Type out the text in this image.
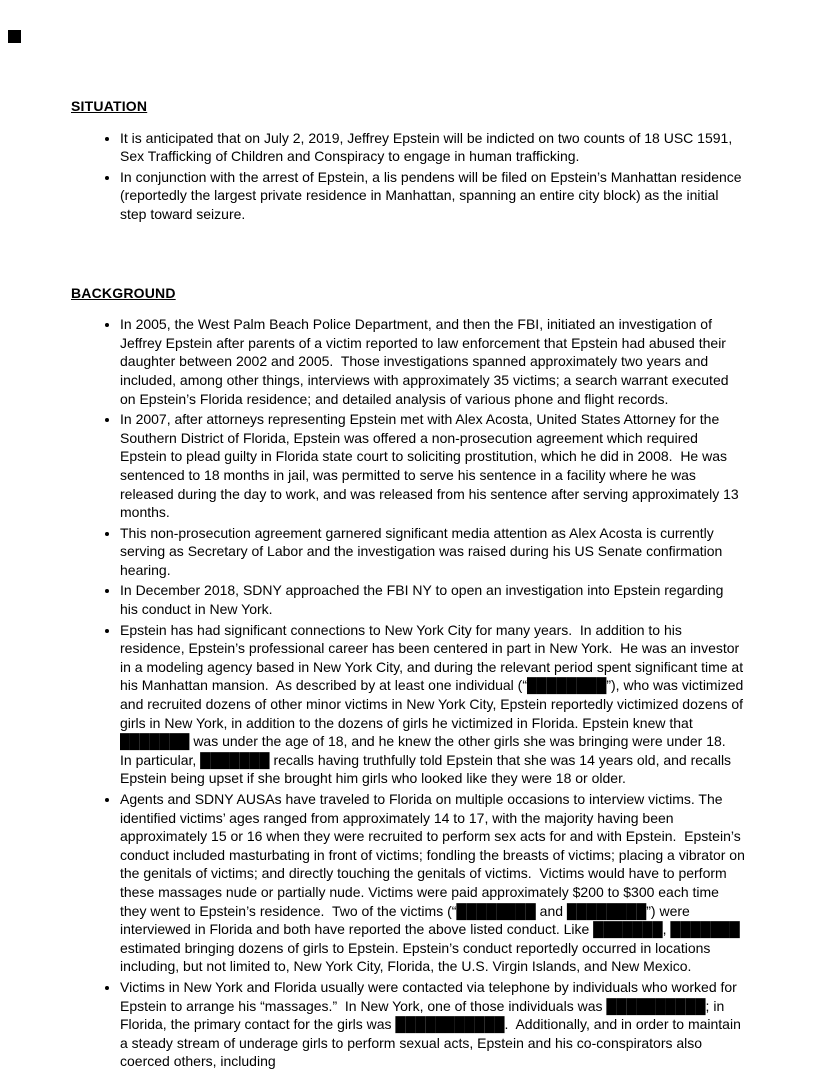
SITUATION
• It is anticipated that on July 2, 2019, Jeffrey Epstein will be indicted on two counts of 18 USC 1591, Sex Trafficking of Children and Conspiracy to engage in human trafficking.
• In conjunction with the arrest of Epstein, a lis pendens will be filed on Epstein’s Manhattan residence (reportedly the largest private residence in Manhattan, spanning an entire city block) as the initial step toward seizure.
BACKGROUND
• In 2005, the West Palm Beach Police Department, and then the FBI, initiated an investigation of Jeffrey Epstein after parents of a victim reported to law enforcement that Epstein had abused their daughter between 2002 and 2005.  Those investigations spanned approximately two years and included, among other things, interviews with approximately 35 victims; a search warrant executed on Epstein’s Florida residence; and detailed analysis of various phone and flight records.
• In 2007, after attorneys representing Epstein met with Alex Acosta, United States Attorney for the Southern District of Florida, Epstein was offered a non-prosecution agreement which required Epstein to plead guilty in Florida state court to soliciting prostitution, which he did in 2008.  He was sentenced to 18 months in jail, was permitted to serve his sentence in a facility where he was released during the day to work, and was released from his sentence after serving approximately 13 months.
• This non-prosecution agreement garnered significant media attention as Alex Acosta is currently serving as Secretary of Labor and the investigation was raised during his US Senate confirmation hearing.
• In December 2018, SDNY approached the FBI NY to open an investigation into Epstein regarding his conduct in New York.
• Epstein has had significant connections to New York City for many years.  In addition to his residence, Epstein’s professional career has been centered in part in New York.  He was an investor in a modeling agency based in New York City, and during the relevant period spent significant time at his Manhattan mansion.  As described by at least one individual (“████████”), who was victimized and recruited dozens of other minor victims in New York City, Epstein reportedly victimized dozens of girls in New York, in addition to the dozens of girls he victimized in Florida. Epstein knew that ███████ was under the age of 18, and he knew the other girls she was bringing were under 18.  In particular, ███████ recalls having truthfully told Epstein that she was 14 years old, and recalls Epstein being upset if she brought him girls who looked like they were 18 or older.
• Agents and SDNY AUSAs have traveled to Florida on multiple occasions to interview victims. The identified victims’ ages ranged from approximately 14 to 17, with the majority having been approximately 15 or 16 when they were recruited to perform sex acts for and with Epstein.  Epstein’s conduct included masturbating in front of victims; fondling the breasts of victims; placing a vibrator on the genitals of victims; and directly touching the genitals of victims.  Victims would have to perform these massages nude or partially nude. Victims were paid approximately $200 to $300 each time they went to Epstein’s residence.  Two of the victims (“████████ and ████████”) were interviewed in Florida and both have reported the above listed conduct. Like ███████, ███████ estimated bringing dozens of girls to Epstein. Epstein’s conduct reportedly occurred in locations including, but not limited to, New York City, Florida, the U.S. Virgin Islands, and New Mexico.
• Victims in New York and Florida usually were contacted via telephone by individuals who worked for Epstein to arrange his “massages.”  In New York, one of those individuals was ██████████; in Florida, the primary contact for the girls was ███████████.  Additionally, and in order to maintain a steady stream of underage girls to perform sexual acts, Epstein and his co-conspirators also coerced others, including
